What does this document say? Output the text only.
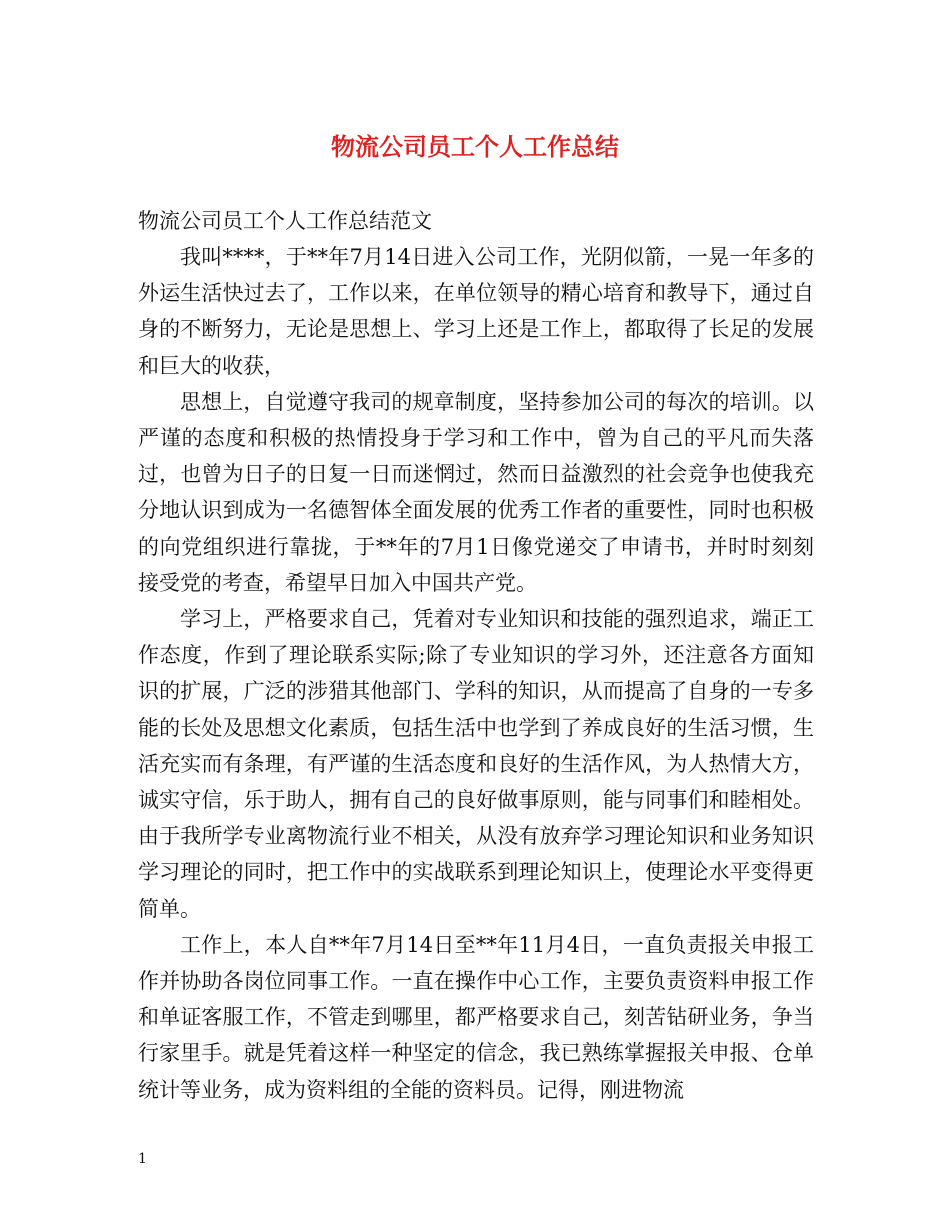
物流公司员工个人工作总结

物流公司员工个人工作总结范文

我叫****，于**年7月14日进入公司工作，光阴似箭，一晃一年多的外运生活快过去了，工作以来，在单位领导的精心培育和教导下，通过自身的不断努力，无论是思想上、学习上还是工作上，都取得了长足的发展和巨大的收获，

思想上，自觉遵守我司的规章制度，坚持参加公司的每次的培训。以严谨的态度和积极的热情投身于学习和工作中，曾为自己的平凡而失落过，也曾为日子的日复一日而迷惘过，然而日益激烈的社会竞争也使我充分地认识到成为一名德智体全面发展的优秀工作者的重要性，同时也积极的向党组织进行靠拢，于**年的7月1日像党递交了申请书，并时时刻刻接受党的考查，希望早日加入中国共产党。

学习上，严格要求自己，凭着对专业知识和技能的强烈追求，端正工作态度，作到了理论联系实际;除了专业知识的学习外，还注意各方面知识的扩展，广泛的涉猎其他部门、学科的知识，从而提高了自身的一专多能的长处及思想文化素质，包括生活中也学到了养成良好的生活习惯，生活充实而有条理，有严谨的生活态度和良好的生活作风，为人热情大方，诚实守信，乐于助人，拥有自己的良好做事原则，能与同事们和睦相处。由于我所学专业离物流行业不相关，从没有放弃学习理论知识和业务知识学习理论的同时，把工作中的实战联系到理论知识上，使理论水平变得更简单。

工作上，本人自**年7月14日至**年11月4日，一直负责报关申报工作并协助各岗位同事工作。一直在操作中心工作，主要负责资料申报工作和单证客服工作，不管走到哪里，都严格要求自己，刻苦钻研业务，争当行家里手。就是凭着这样一种坚定的信念，我已熟练掌握报关申报、仓单统计等业务，成为资料组的全能的资料员。记得，刚进物流

1
